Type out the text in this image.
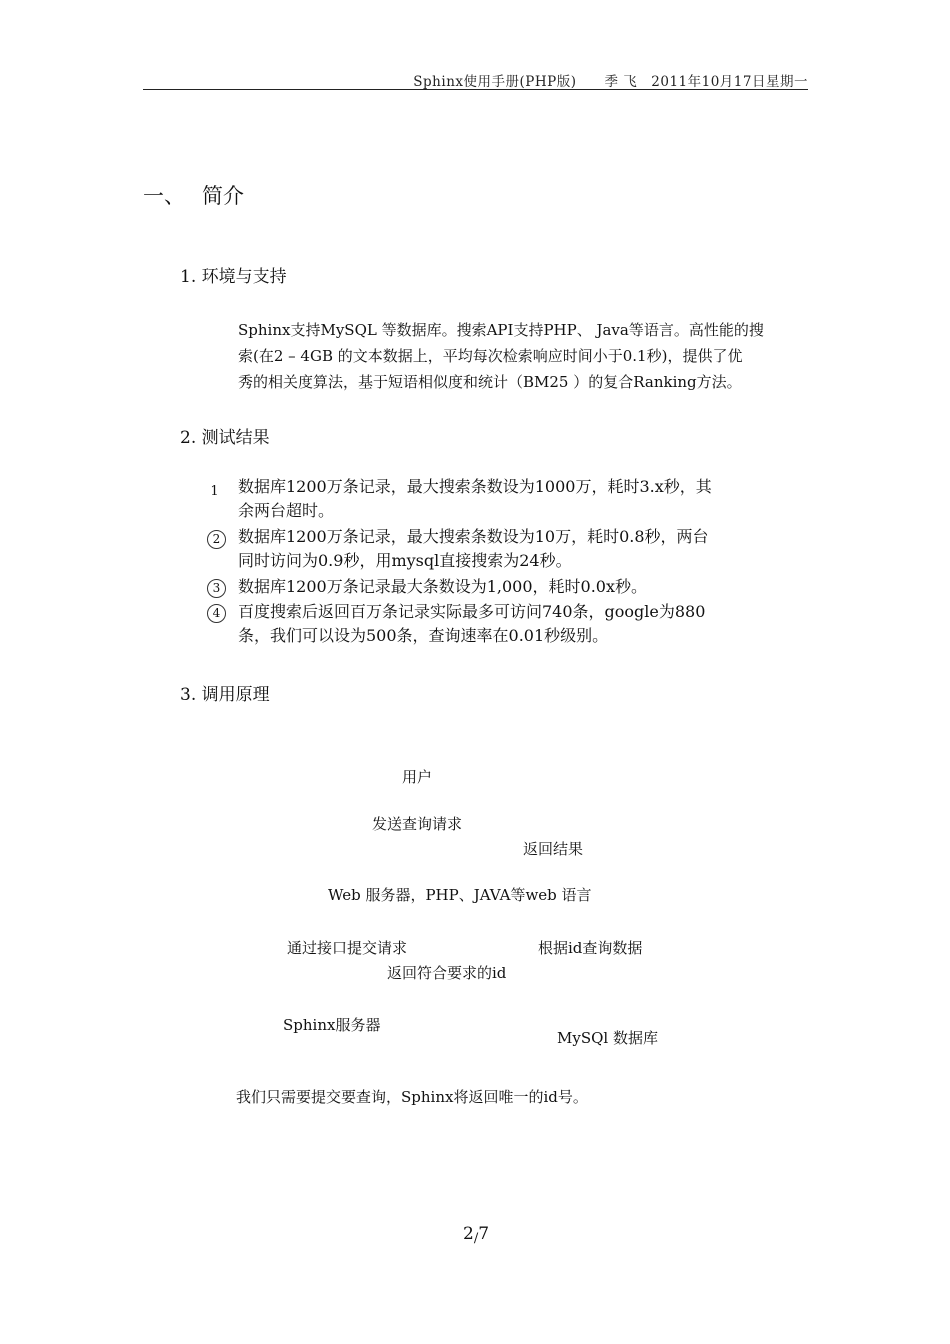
Sphinx使用手册(PHP版)　　季 飞　2011年10月17日星期一
一、 简介
1. 环境与支持
Sphinx支持MySQL 等数据库。搜索API支持PHP、 Java等语言。高性能的搜
索(在2 – 4GB 的文本数据上，平均每次检索响应时间小于0.1秒)，提供了优
秀的相关度算法，基于短语相似度和统计（BM25 ）的复合Ranking方法。
2. 测试结果
数据库1200万条记录，最大搜索条数设为1000万，耗时3.x秒，其
余两台超时。
1
数据库1200万条记录，最大搜索条数设为10万，耗时0.8秒，两台
同时访问为0.9秒，用mysql直接搜索为24秒。
2
数据库1200万条记录最大条数设为1,000，耗时0.0x秒。
3
百度搜索后返回百万条记录实际最多可访问740条，google为880
条，我们可以设为500条，查询速率在0.01秒级别。
4
3. 调用原理
用户
发送查询请求
返回结果
Web 服务器，PHP、JAVA等web 语言
通过接口提交请求	根据id查询数据
返回符合要求的id
Sphinx服务器
MySQl 数据库
我们只需要提交要查询，Sphinx将返回唯一的id号。
2/7
